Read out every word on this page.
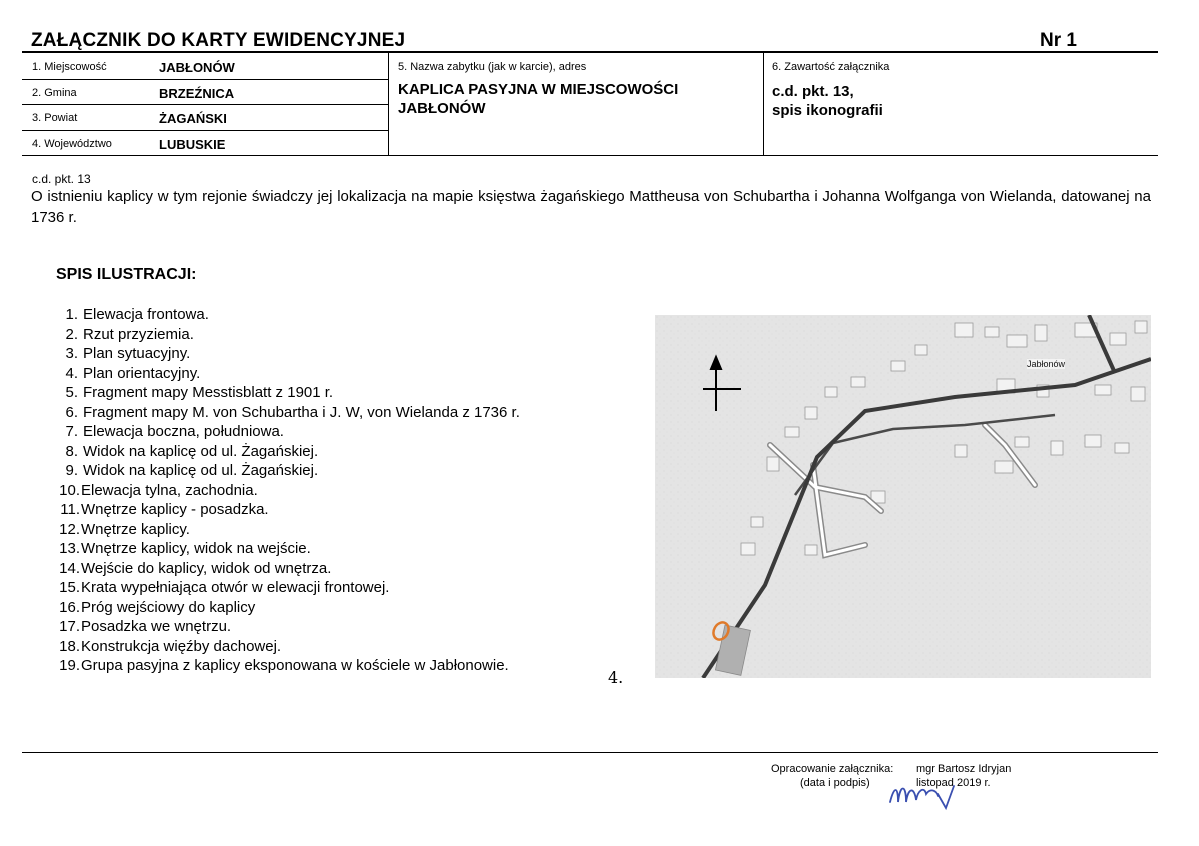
ZAŁĄCZNIK DO KARTY EWIDENCYJNEJ	Nr 1
1. Miejscowość	JABŁONÓW
2. Gmina	BRZEŹNICA
3. Powiat	ŻAGAŃSKI
4. Województwo	LUBUSKIE
5. Nazwa zabytku (jak w karcie), adres
KAPLICA PASYJNA W MIEJSCOWOŚCI
JABŁONÓW
6. Zawartość załącznika
c.d. pkt. 13,
spis ikonografii
c.d. pkt. 13
O istnieniu kaplicy w tym rejonie świadczy jej lokalizacja na mapie księstwa żagańskiego Mattheusa von Schubartha i Johanna Wolfganga von Wielanda, datowanej na 1736 r.
SPIS ILUSTRACJI:
1. Elewacja frontowa.
2. Rzut przyziemia.
3. Plan sytuacyjny.
4. Plan orientacyjny.
5. Fragment mapy Messtisblatt z 1901 r.
6. Fragment mapy M. von Schubartha i J. W, von Wielanda z 1736 r.
7. Elewacja boczna, południowa.
8. Widok na kaplicę od ul. Żagańskiej.
9. Widok na kaplicę od ul. Żagańskiej.
10. Elewacja tylna, zachodnia.
11. Wnętrze kaplicy - posadzka.
12. Wnętrze kaplicy.
13. Wnętrze kaplicy, widok na wejście.
14. Wejście do kaplicy, widok od wnętrza.
15. Krata wypełniająca otwór w elewacji frontowej.
16. Próg wejściowy do kaplicy
17. Posadzka we wnętrzu.
18. Konstrukcja więźby dachowej.
19. Grupa pasyjna z kaplicy eksponowana w kościele w Jabłonowie.
4.
Jabłonów
Opracowanie załącznika:
(data i podpis)
mgr Bartosz Idryjan
listopad 2019 r.
